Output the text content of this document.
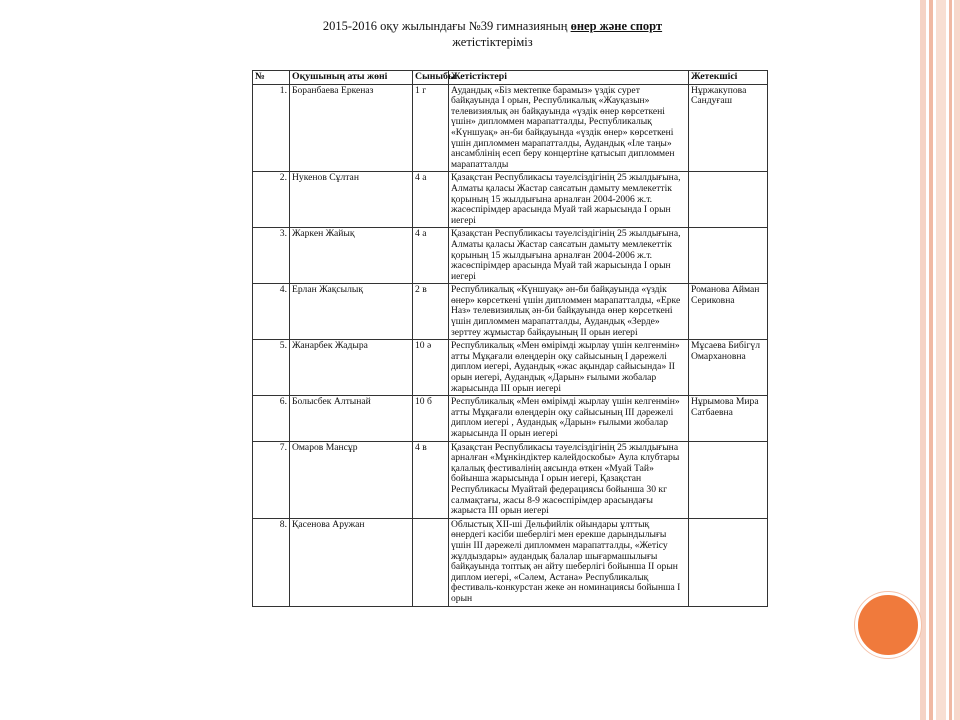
2015-2016 оқу жылындағы №39 гимназияның өнер және спорт
жетістіктеріміз
№	Оқушының аты жөні	Сыныбы	Жетістіктері	Жетекшісі
1.	Боранбаева Еркеназ	1 г	Аудандық «Біз мектепке барамыз» үздік сурет байқауында І орын, Республикалық «Жауқазын» телевизиялық ән байқауында «үздік өнер көрсеткені үшін» дипломмен марапатталды, Республикалық «Күншуақ» ән-би байқауында «үздік өнер» көрсеткені үшін дипломмен марапатталды, Аудандық «Іле таңы» ансамблінің есеп беру концертіне қатысып дипломмен марапатталды	Нұржакупова Сандуғаш
2.	Нукенов Сұлтан	4 а	Қазақстан Республикасы тәуелсіздігінің 25 жылдығына, Алматы қаласы Жастар саясатын дамыту мемлекеттік қорының 15 жылдығына арналған 2004-2006 ж.т. жасөспірімдер арасында Муай тай жарысында І орын иегері	
3.	Жаркен Жайық	4 а	Қазақстан Республикасы тәуелсіздігінің 25 жылдығына, Алматы қаласы Жастар саясатын дамыту мемлекеттік қорының 15 жылдығына арналған 2004-2006 ж.т. жасөспірімдер арасында Муай тай жарысында І орын иегері	
4.	Ерлан Жақсылық	2 в	Республикалық «Күншуақ» ән-би байқауында «үздік өнер» көрсеткені үшін дипломмен марапатталды, «Ерке Наз» телевизиялық ән-би байқауында өнер көрсеткені үшін дипломмен марапатталды, Аудандық «Зерде» зерттеу жұмыстар байқауының ІІ орын иегері	Романова Айман Сериковна
5.	Жанарбек Жадыра	10 ә	Республикалық «Мен өмірімді жырлау үшін келгенмін» атты Мұқағали өлеңдерін оқу сайысының І дәрежелі диплом иегері, Аудандық «жас ақындар сайысында» ІІ орын иегері, Аудандық «Дарын» ғылыми жобалар жарысында ІІІ орын иегері	Мұсаева Бибігүл Омархановна
6.	Болысбек Алтынай	10 б	Республикалық «Мен өмірімді жырлау үшін келгенмін» атты Мұқағали өлеңдерін оқу сайысының ІІІ дәрежелі диплом иегері , Аудандық «Дарын» ғылыми жобалар жарысында ІІ орын иегері	Нұрымова Мира Сатбаевна
7.	Омаров Мансұр	4 в	Қазақстан Республикасы тәуелсіздігінің 25 жылдығына арналған «Мұнкіндіктер калейдоскобы» Аула клубтары қалалық фестивалінің аясында өткен «Муай Тай» бойынша жарысында І орын иегері, Қазақстан Республикасы Муайтай федерациясы бойынша 30 кг салмақтағы, жасы 8-9 жасөспірімдер арасындағы жарыста ІІІ орын иегері	
8.	Қасенова Аружан		Облыстық ХІІ-ші Дельфийлік ойындары ұлттық өнердегі кәсіби шеберлігі мен ерекше дарындылығы үшін ІІІ дәрежелі дипломмен марапатталды, «Жетісу жұлдыздары» аудандық балалар шығармашылығы байқауында топтық ән айту шеберлігі бойынша ІІ орын диплом иегері, «Сәлем, Астана» Республикалық фестиваль-конкурстан жеке ән номинациясы бойынша І орын	
